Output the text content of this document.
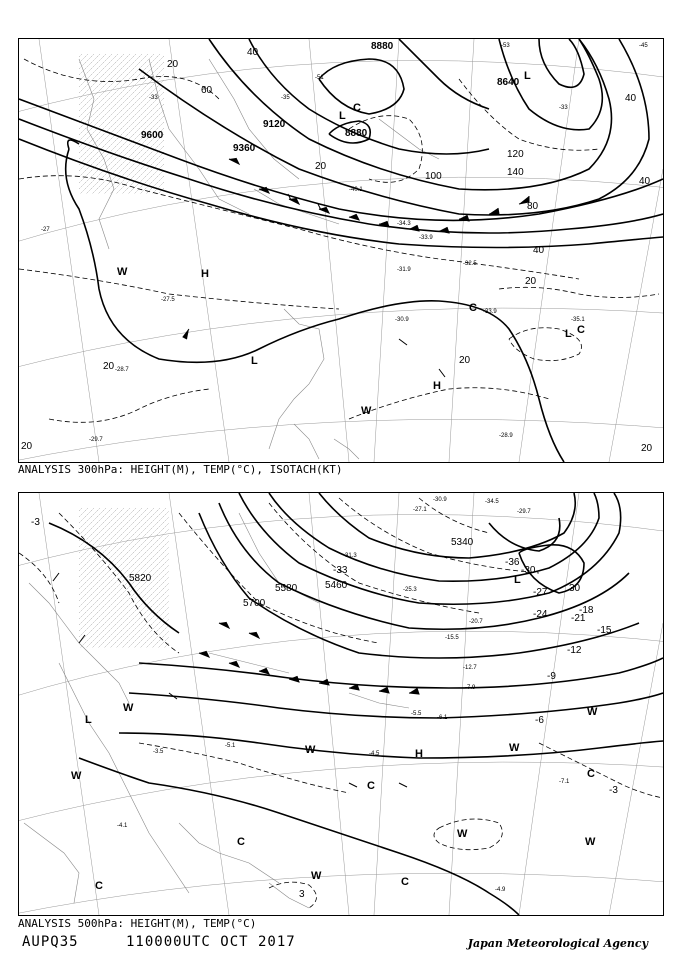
8880
8640
9600
9120
9360
8880
20
40
60
40
100
120
140
80
40
20
20
40
20
20	20
20
L
C
L
W	H
L
H
W
C
L C
-27
-33	-35
-33
-51
-53	-45
-40.1
-34.3
-33.9
-32.5
-31.9
-30.9
-33.9
-35.1
-28.9
-27.5
-29.7
-28.7
ANALYSIS 300hPa: HEIGHT(M), TEMP(°C), ISOTACH(KT)
5820
5700
5580	5460
5340
-3
-33	-30
-27
-24 -21
-18
-15
-12
-9
-6
-3
3
30
-36
L
L
W
W
W	H
C
W
C
W
W
C
C
W	C
W
-12.7
-7.9
-6.1
-5.5
-4.5
-4.9
-4.1
-3.5
-5.1
-7.1
-20.7
-15.5
-25.3
-31.3
-34.5
-27.1	-29.7
-30.9
ANALYSIS 500hPa: HEIGHT(M), TEMP(°C)
AUPQ35	110000UTC OCT 2017	Japan Meteorological Agency
